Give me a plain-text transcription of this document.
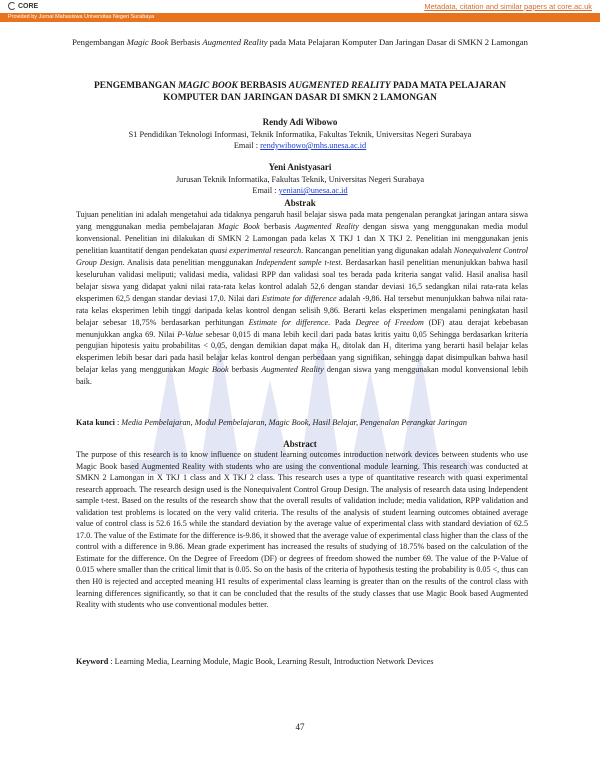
CORE	Metadata, citation and similar papers at core.ac.uk
Provided by Jurnal Mahasiswa Universitas Negeri Surabaya
Pengembangan Magic Book Berbasis Augmented Reality pada Mata Pelajaran Komputer Dan Jaringan Dasar di SMKN 2 Lamongan
PENGEMBANGAN MAGIC BOOK BERBASIS AUGMENTED REALITY PADA MATA PELAJARAN KOMPUTER DAN JARINGAN DASAR DI SMKN 2 LAMONGAN
Rendy Adi Wibowo
S1 Pendidikan Teknologi Informasi, Teknik Informatika, Fakultas Teknik, Universitas Negeri Surabaya
Email : rendywibowo@mhs.unesa.ac.id
Yeni Anistyasari
Jurusan Teknik Informatika, Fakultas Teknik, Universitas Negeri Surabaya
Email : yeniani@unesa.ac.id
Abstrak
Tujuan penelitian ini adalah mengetahui ada tidaknya pengaruh hasil belajar siswa pada mata pengenalan perangkat jaringan antara siswa yang menggunakan media pembelajaran Magic Book berbasis Augmented Reality dengan siswa yang menggunakan media modul konvensional. Penelitian ini dilakukan di SMKN 2 Lamongan pada kelas X TKJ 1 dan X TKJ 2. Penelitian ini menggunakan jenis penelitian kuantitatif dengan pendekatan quasi experimental research. Rancangan penelitian yang digunakan adalah Nonequivalent Control Group Design. Analisis data penelitian menggunakan Independent sample t-test. Berdasarkan hasil penelitian menunjukkan bahwa hasil keseluruhan validasi meliputi; validasi media, validasi RPP dan validasi soal tes berada pada kriteria sangat valid. Hasil analisa hasil belajar siswa yang didapat yakni nilai rata-rata kelas kontrol adalah 52,6 dengan standar deviasi 16,5 sedangkan nilai rata-rata kelas eksperimen 62,5 dengan standar deviasi 17,0. Nilai dari Estimate for difference adalah -9,86. Hal tersebut menunjukkan bahwa nilai rata-rata kelas eksperimen lebih tinggi daripada kelas kontrol dengan selisih 9,86. Berarti kelas eksperimen mengalami peningkatan hasil belajar sebesar 18,75% berdasarkan perhitungan Estimate for difference. Pada Degree of Freedom (DF) atau derajat kebebasan menunjukkan angka 69. Nilai P-Value sebesar 0,015 di mana lebih kecil dari pada batas kritis yaitu 0,05 Sehingga berdasarkan kriteria pengujian hipotesis yaitu probabilitas < 0,05, dengan demikian dapat maka H₀ ditolak dan H₁ diterima yang berarti hasil belajar kelas eksperimen lebih besar dari pada hasil belajar kelas kontrol dengan perbedaan yang signifikan, sehingga dapat disimpulkan bahwa hasil belajar kelas yang menggunakan Magic Book berbasis Augmented Reality dengan siswa yang menggunakan modul konvensional lebih baik.
Kata kunci : Media Pembelajaran, Modul Pembelajaran, Magic Book, Hasil Belajar, Pengenalan Perangkat Jaringan
Abstract
The purpose of this research is to know influence on student learning outcomes introduction network devices between students who use Magic Book based Augmented Reality with students who are using the conventional module learning. This research was conducted at SMKN 2 Lamongan in X TKJ 1 class and X TKJ 2 class. This research uses a type of quantitative research with quasi experimental research approach. The research design used is the Nonequivalent Control Group Design. The analysis of research data using Independent sample t-test. Based on the results of the research show that the overall results of validation include; media validation, RPP validation and validation test problems is located on the very valid criteria. The results of the analysis of student learning outcomes obtained average value of control class is 52.6 16.5 while the standard deviation by the average value of experimental class with standard deviation of 62.5 17.0. The value of the Estimate for the difference is-9.86, it showed that the average value of experimental class higher than the class of the control with a difference in 9.86. Mean grade experiment has increased the results of studying of 18.75% based on the calculation of the Estimate for the difference. On the Degree of Freedom (DF) or degrees of freedom showed the number 69. The value of the P-Value of 0.015 where smaller than the critical limit that is 0.05. So on the basis of the criteria of hypothesis testing the probability is 0.05 <, thus can then H0 is rejected and accepted meaning H1 results of experimental class learning is greater than on the results of the control class with learning differences significantly, so that it can be concluded that the results of the study classes that use Magic Book based Augmented Reality with students who use conventional modules better.
Keyword : Learning Media, Learning Module, Magic Book, Learning Result, Introduction Network Devices
47
